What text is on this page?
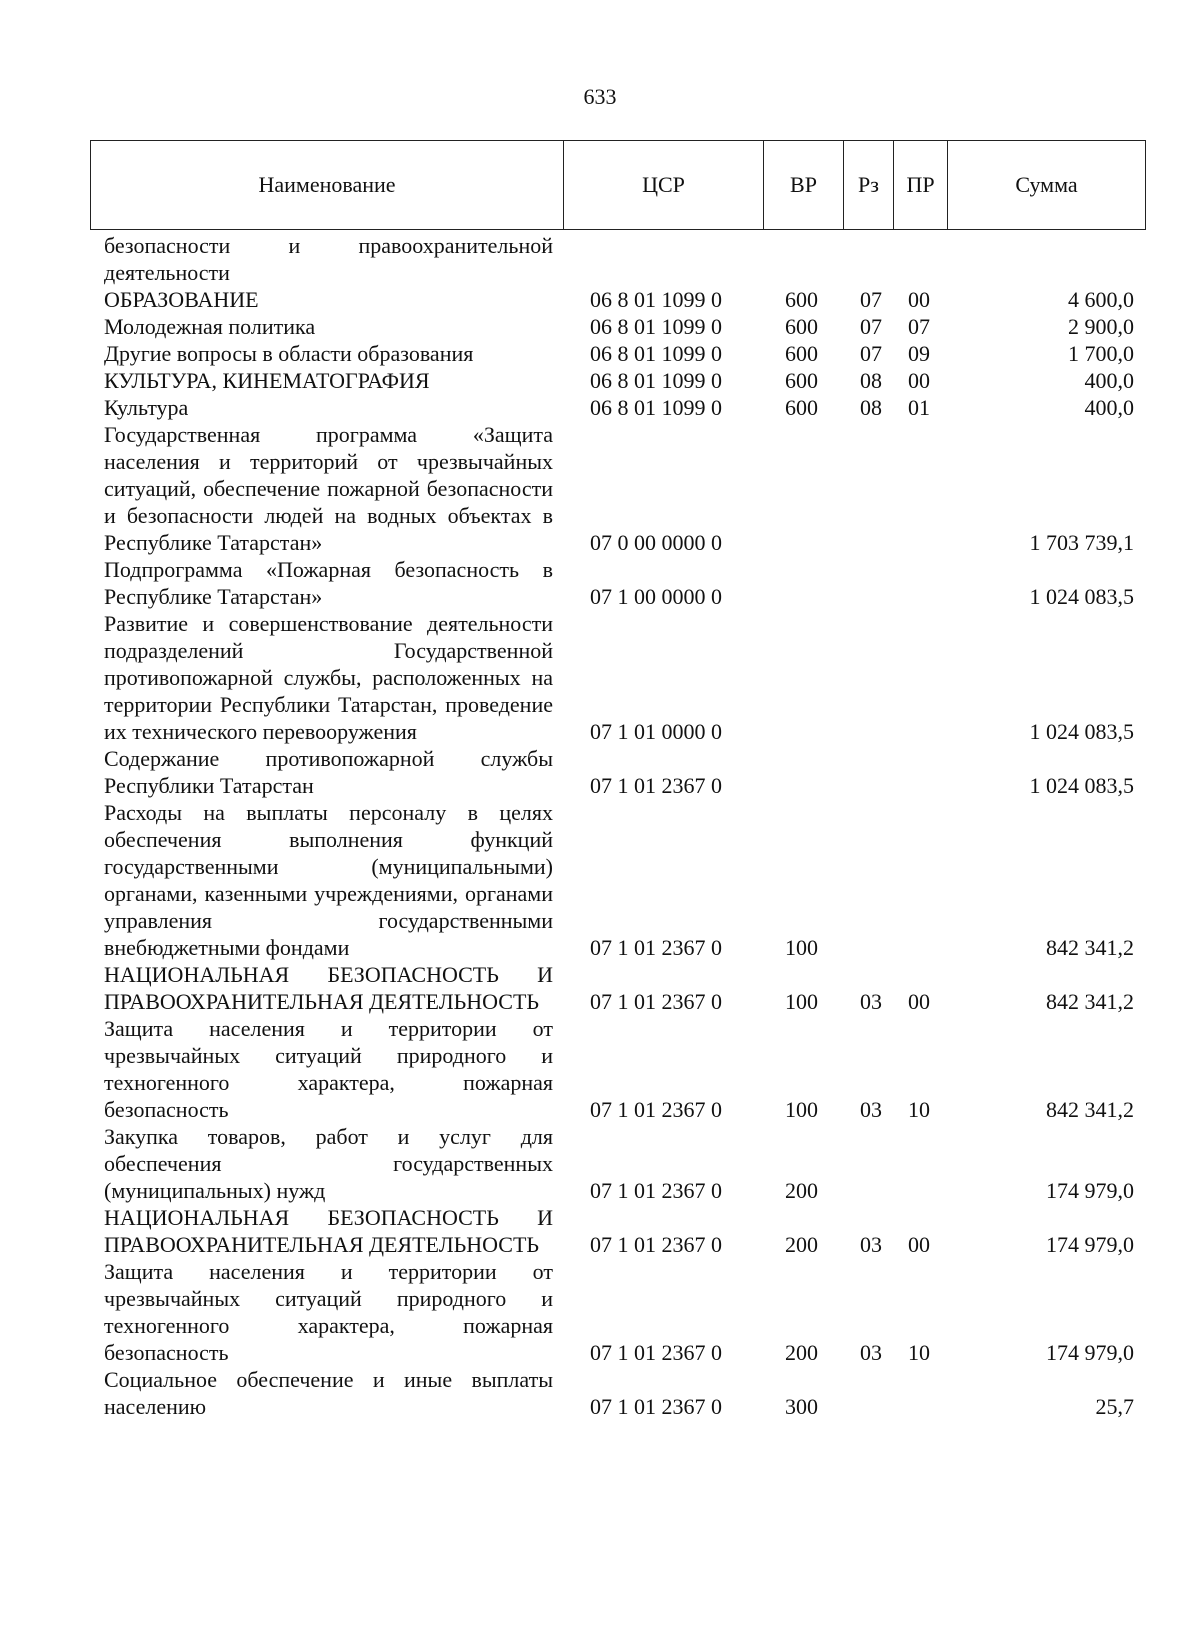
633
Наименование	ЦСР	ВР	Рз	ПР	Сумма
безопасности и правоохранительной деятельности
ОБРАЗОВАНИЕ	06 8 01 1099 0	600 07 00	4 600,0
Молодежная политика	06 8 01 1099 0	600 07 07	2 900,0
Другие вопросы в области образования	06 8 01 1099 0	600 07 09	1 700,0
КУЛЬТУРА, КИНЕМАТОГРАФИЯ	06 8 01 1099 0	600 08 00	400,0
Культура	06 8 01 1099 0	600 08 01	400,0
Государственная программа «Защита населения и территорий от чрезвычайных ситуаций, обеспечение пожарной безопасности и безопасности людей на водных объектах в Республике Татарстан»	07 0 00 0000 0	1 703 739,1
Подпрограмма «Пожарная безопасность в Республике Татарстан»	07 1 00 0000 0	1 024 083,5
Развитие и совершенствование деятельности подразделений Государственной противопожарной службы, расположенных на территории Республики Татарстан, проведение их технического перевооружения	07 1 01 0000 0	1 024 083,5
Содержание противопожарной службы Республики Татарстан	07 1 01 2367 0	1 024 083,5
Расходы на выплаты персоналу в целях обеспечения выполнения функций государственными (муниципальными) органами, казенными учреждениями, органами управления государственными внебюджетными фондами	07 1 01 2367 0	100	842 341,2
НАЦИОНАЛЬНАЯ БЕЗОПАСНОСТЬ И ПРАВООХРАНИТЕЛЬНАЯ ДЕЯТЕЛЬНОСТЬ	07 1 01 2367 0	100 03 00	842 341,2
Защита населения и территории от чрезвычайных ситуаций природного и техногенного характера, пожарная безопасность	07 1 01 2367 0	100 03 10	842 341,2
Закупка товаров, работ и услуг для обеспечения государственных (муниципальных) нужд	07 1 01 2367 0	200	174 979,0
НАЦИОНАЛЬНАЯ БЕЗОПАСНОСТЬ И ПРАВООХРАНИТЕЛЬНАЯ ДЕЯТЕЛЬНОСТЬ	07 1 01 2367 0	200 03 00	174 979,0
Защита населения и территории от чрезвычайных ситуаций природного и техногенного характера, пожарная безопасность	07 1 01 2367 0	200 03 10	174 979,0
Социальное обеспечение и иные выплаты населению	07 1 01 2367 0	300	25,7
